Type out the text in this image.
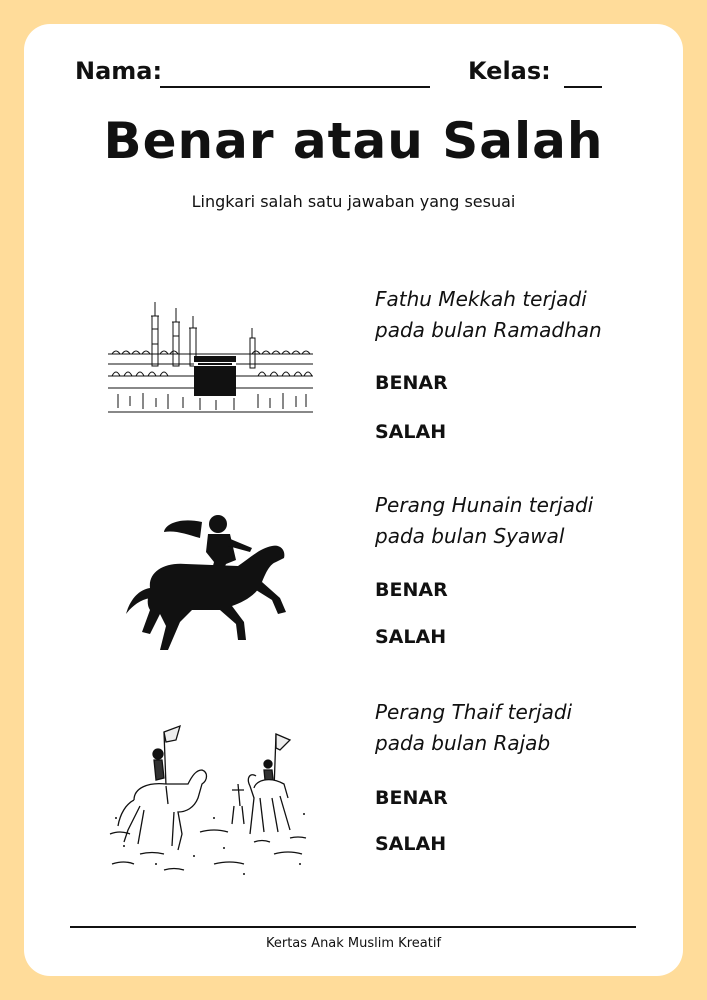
Nama:	Kelas:
Benar atau Salah
Lingkari salah satu jawaban yang sesuai
Fathu Mekkah terjadi
pada bulan Ramadhan
BENAR
SALAH
Perang Hunain terjadi
pada bulan Syawal
BENAR
SALAH
Perang Thaif terjadi
pada bulan Rajab
BENAR
SALAH
Kertas Anak Muslim Kreatif
